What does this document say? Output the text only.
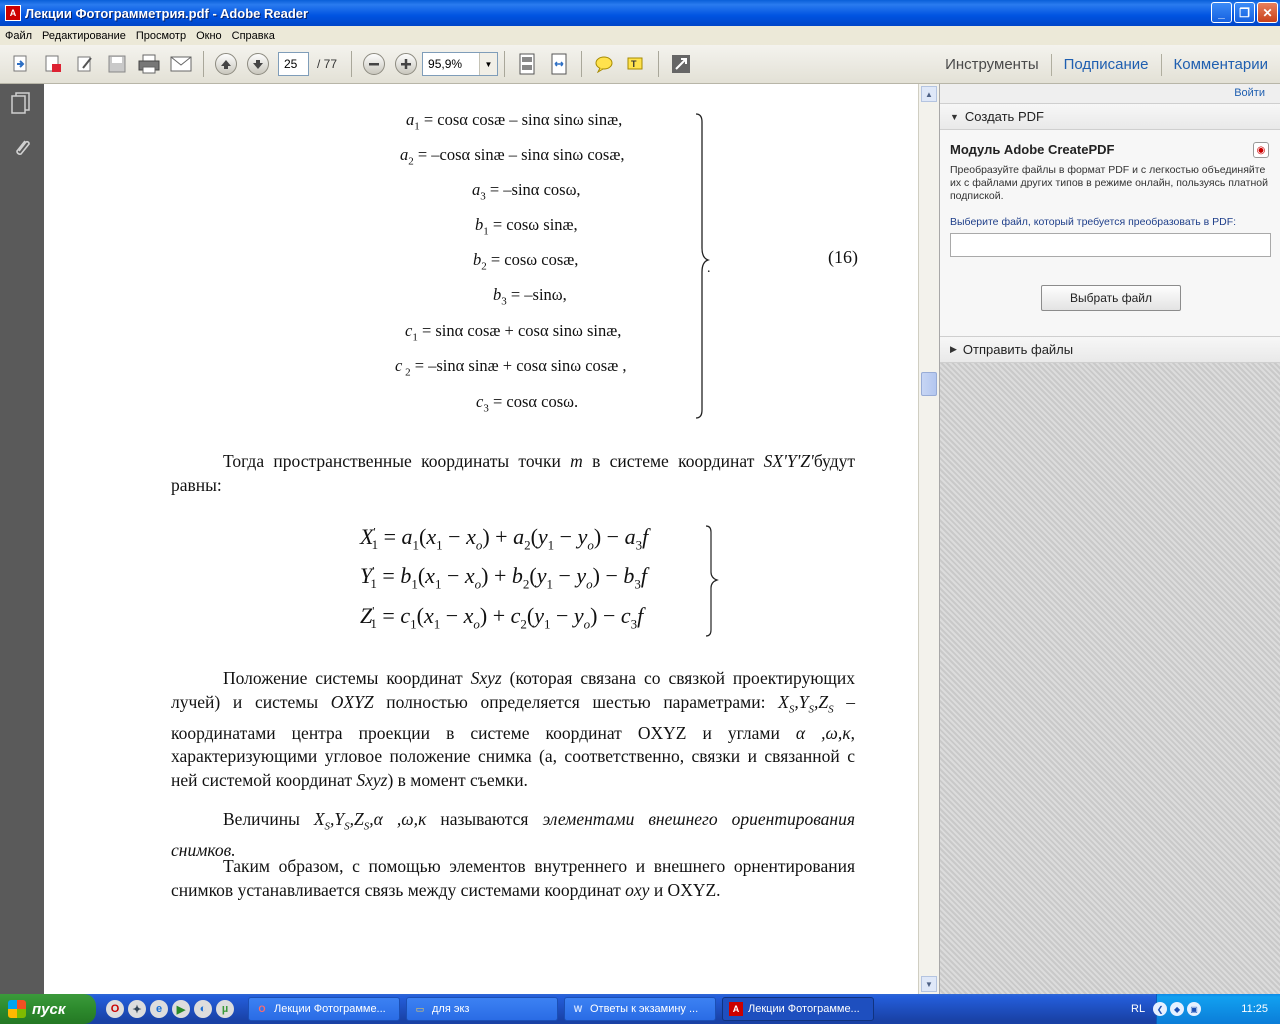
A Лекции Фотограмметрия.pdf - Adobe Reader	_	❐	✕
Файл Редактирование Просмотр Окно Справка
25	/ 77	95,9%	▼	T	Инструменты	Подписание	Комментарии
$a_1 = \cos\alpha$ cosæ – sinα sinω sinæ,
$a_2 = -\cos\alpha$ sinæ – sinα sinω cosæ,
$a_3 = -\sin\alpha$ cosω,
$b_1 = \cos\omega$ sinæ,
$b_2 = \cos\omega$ cosæ,
$b_3 = -\sin\omega$,
$c_1 = \sin\alpha$ cosæ + cosα sinω sinæ,
c $_2$ = –sinα sinæ + cosα sinω cosæ ,
$c_3 = \cos\alpha$ cosω.
.
(16)
Тогда пространственные координаты точки m в системе координат SX'Y'Z'будут равны:
$X'_1 = a_1(x_1 - x_o) + a_2(y_1 - y_o) - a_3f$
$Y'_1 = b_1(x_1 - x_o) + b_2(y_1 - y_o) - b_3f$
$Z'_1 = c_1(x_1 - x_o) + c_2(y_1 - y_o) - c_3f$
Положение системы координат Sxyz (которая связана со связкой проектирующих лучей) и системы OXYZ полностью определяется шестью параметрами: $X_S,Y_S,Z_S$ – координатами центра проекции в системе координат OXYZ и углами α ,ω,κ, характеризующими угловое положение снимка (а, соответственно, связки и связанной с ней системой координат Sxyz) в момент съемки.
Величины $X_S,Y_S,Z_S,\alpha$ ,ω,κ называются элементами внешнего ориентирования снимков.
Таким образом, с помощью элементов внутреннего и внешнего орнентирования снимков устанавливается связь между системами координат oxy и OXYZ.
▲
▼
Войти
▼ Создать PDF
Модуль Adobe CreatePDF	◉
Преобразуйте файлы в формат PDF и с легкостью объединяйте их с файлами других типов в режиме онлайн, пользуясь платной подпиской.
Выберите файл, который требуется преобразовать в PDF:
Выбрать файл
▶ Отправить файлы
пуск	O	✦	e	▶	◐	µ	O Лекции Фотограмме...	▭ для экз	W Ответы к экзамину ...	A Лекции Фотограмме...	RL	❮	◆	▣	11:25
